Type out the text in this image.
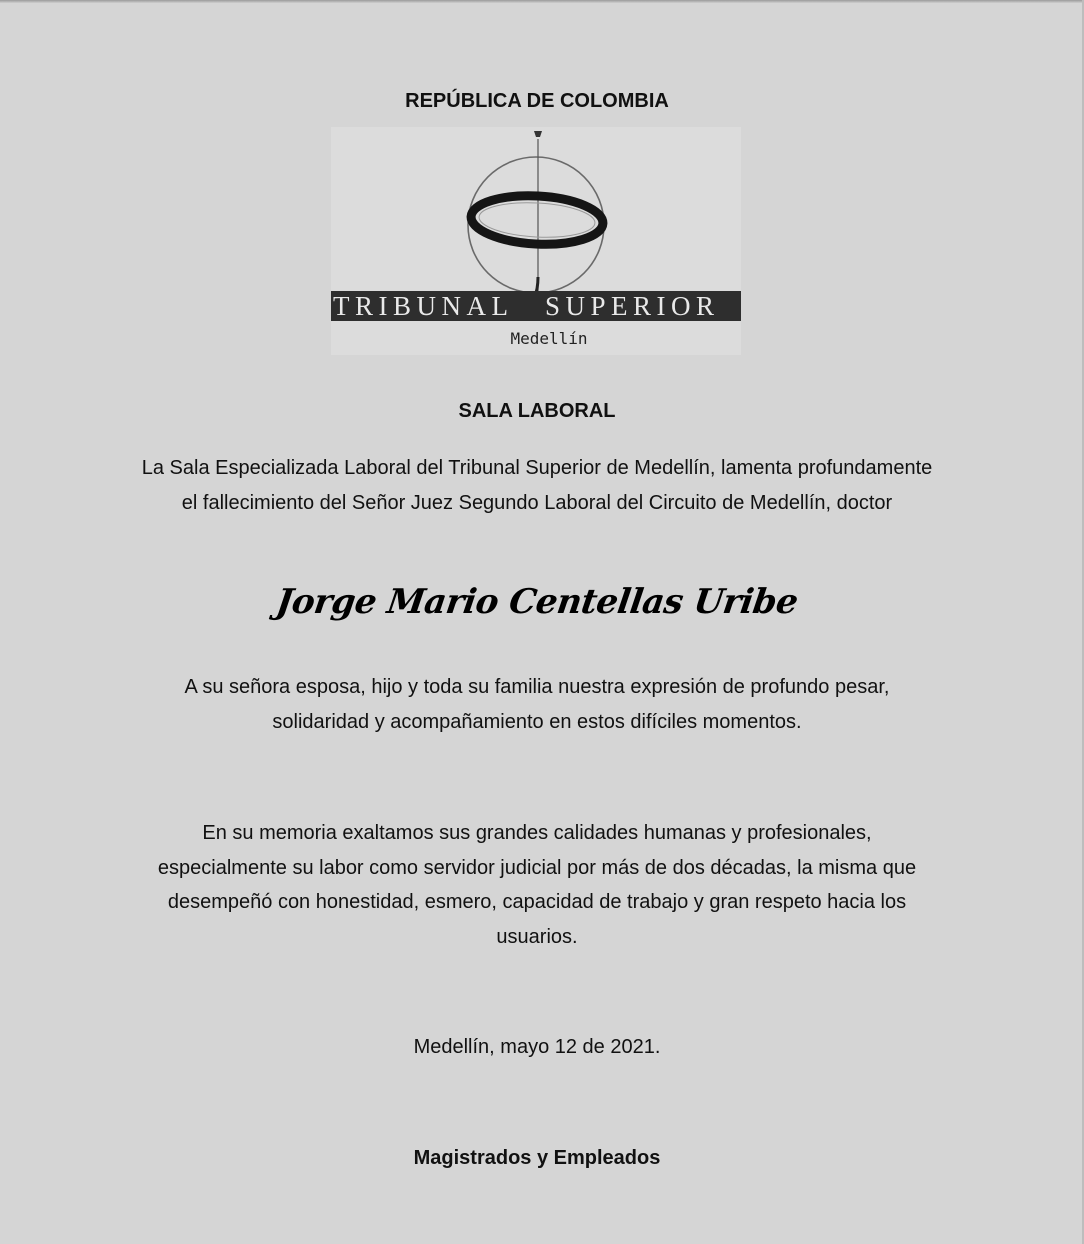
REPÚBLICA DE COLOMBIA
TRIBUNAL SUPERIOR
Medellín
SALA LABORAL
La Sala Especializada Laboral del Tribunal Superior de Medellín, lamenta profundamente el fallecimiento del Señor Juez Segundo Laboral del Circuito de Medellín, doctor
Jorge Mario Centellas Uribe
A su señora esposa, hijo y toda su familia nuestra expresión de profundo pesar, solidaridad y acompañamiento en estos difíciles momentos.
En su memoria exaltamos sus grandes calidades humanas y profesionales, especialmente su labor como servidor judicial por más de dos décadas, la misma que desempeñó con honestidad, esmero, capacidad de trabajo y gran respeto hacia los usuarios.
Medellín, mayo 12 de 2021.
Magistrados y Empleados
